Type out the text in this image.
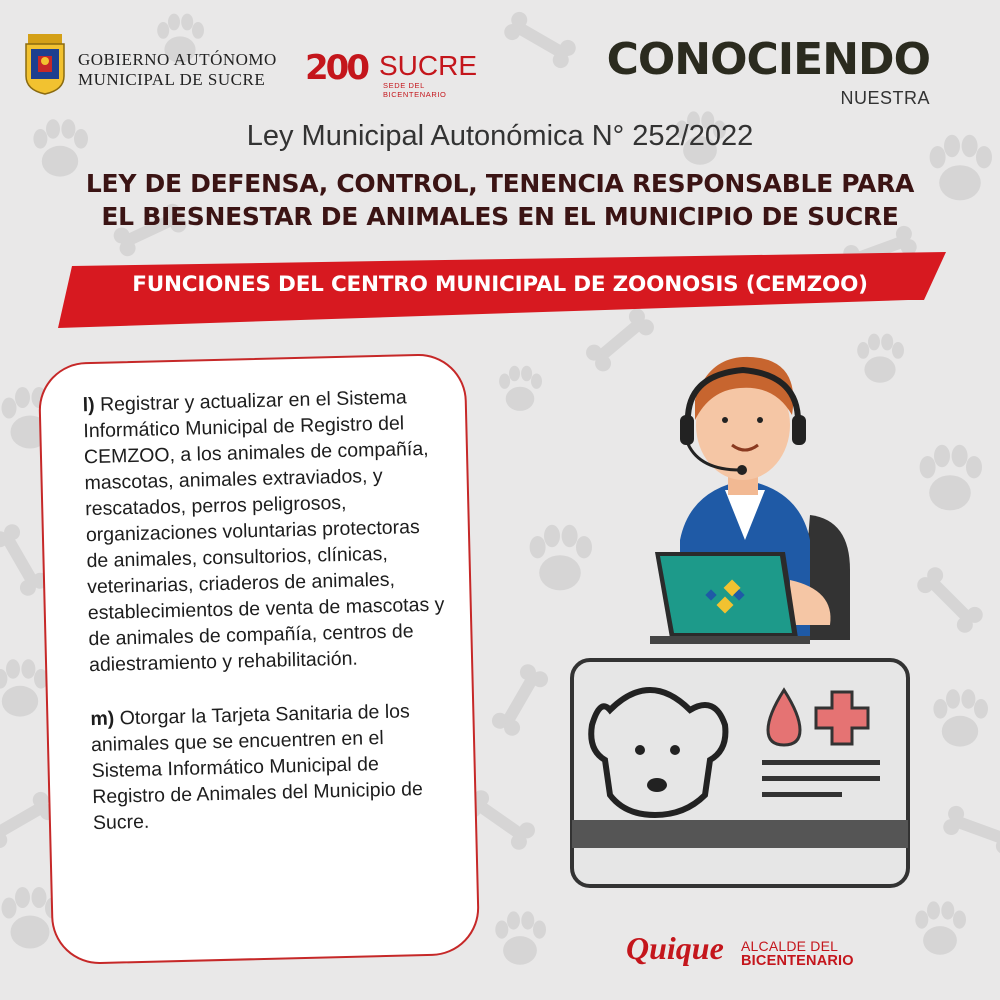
GOBIERNO AUTÓNOMO
MUNICIPAL DE SUCRE	200 SUCRE
SEDE DEL BICENTENARIO
CONOCIENDO
NUESTRA
Ley Municipal Autonómica N° 252/2022
LEY DE DEFENSA, CONTROL, TENENCIA RESPONSABLE PARA
EL BIESNESTAR DE ANIMALES EN EL MUNICIPIO DE SUCRE
FUNCIONES DEL CENTRO MUNICIPAL DE ZOONOSIS (CEMZOO)

l) Registrar y actualizar en el Sistema Informático Municipal de Registro del CEMZOO, a los animales de compañía, mascotas, animales extraviados, y rescatados, perros peligrosos, organizaciones voluntarias protectoras de animales, consultorios, clínicas, veterinarias, criaderos de animales, establecimientos de venta de mascotas y de animales de compañía, centros de adiestramiento y rehabilitación.

m) Otorgar la Tarjeta Sanitaria de los animales que se encuentren en el Sistema Informático Municipal de Registro de Animales del Municipio de Sucre.

Quique ALCALDE DEL
BICENTENARIO
